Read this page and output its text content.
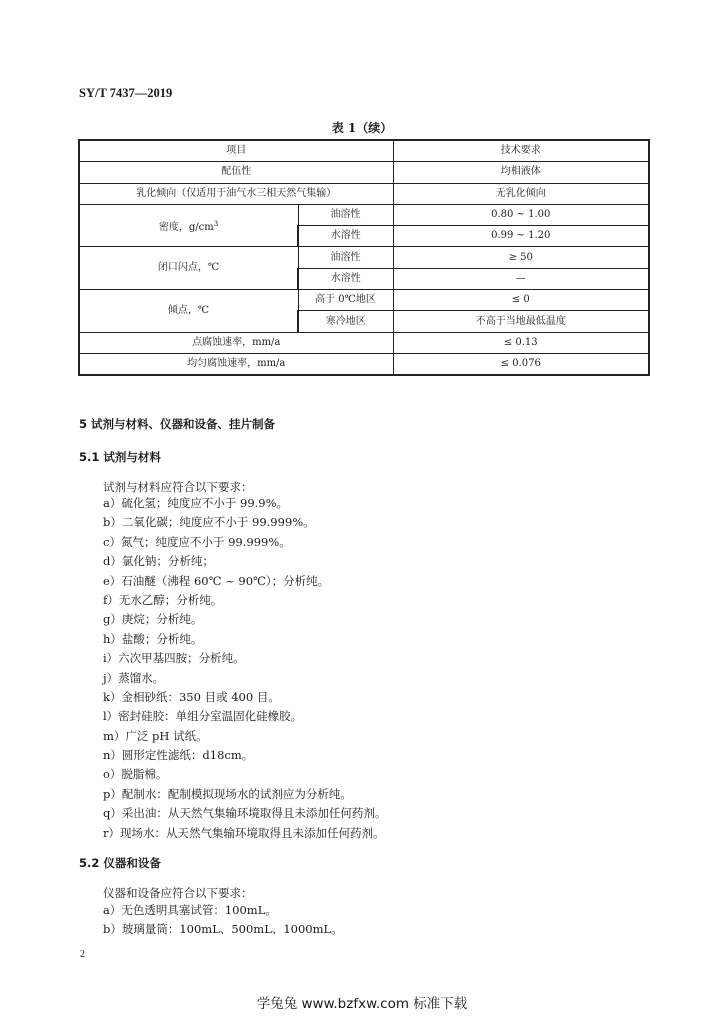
SY/T 7437—2019
表 1（续）
项目		技术要求
配伍性		均相液体
乳化倾向（仅适用于油气水三相天然气集输）		无乳化倾向
密度，$g/cm^3$	油溶性	0.80 ~ 1.00
	水溶性	0.99 ~ 1.20
闭口闪点，℃	油溶性	≥ 50
	水溶性	—
倾点，℃	高于 0℃地区	≤ 0
	寒冷地区	不高于当地最低温度
点腐蚀速率，mm/a		≤ 0.13
均匀腐蚀速率，mm/a		≤ 0.076
5 试剂与材料、仪器和设备、挂片制备
5.1 试剂与材料
试剂与材料应符合以下要求：
a）硫化氢；纯度应不小于 99.9%。
b）二氧化碳；纯度应不小于 99.999%。
c）氮气；纯度应不小于 99.999%。
d）氯化钠；分析纯；
e）石油醚（沸程 60℃ ~ 90℃）；分析纯。
f）无水乙醇；分析纯。
g）庚烷；分析纯。
h）盐酸；分析纯。
i）六次甲基四胺；分析纯。
j）蒸馏水。
k）金相砂纸：350 目或 400 目。
l）密封硅胶：单组分室温固化硅橡胶。
m）广泛 pH 试纸。
n）圆形定性滤纸：d18cm。
o）脱脂棉。
p）配制水：配制模拟现场水的试剂应为分析纯。
q）采出油：从天然气集输环境取得且未添加任何药剂。
r）现场水：从天然气集输环境取得且未添加任何药剂。
5.2 仪器和设备
仪器和设备应符合以下要求：
a）无色透明具塞试管：100mL。
b）玻璃量筒：100mL、500mL、1000mL。
2
学兔兔 www.bzfxw.com 标准下载
